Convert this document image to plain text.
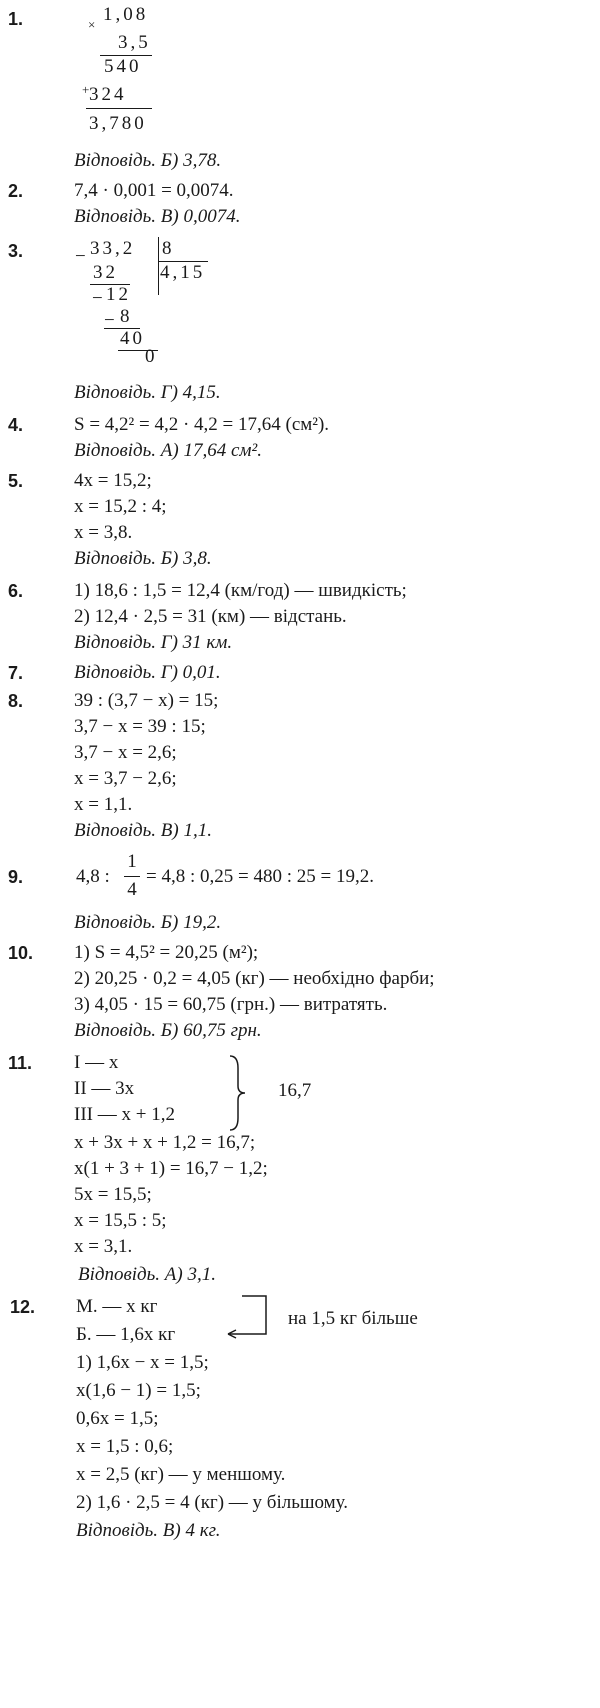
1.	× 1,08
3,5
540
+ 324
3,780
Відповідь. Б) 3,78.
2.	7,4 · 0,001 = 0,0074.
Відповідь. В) 0,0074.
3.	− 33,2 8
4,15
32
− 12
− 8
40
0
Відповідь. Г) 4,15.
4.	S = 4,2² = 4,2 · 4,2 = 17,64 (см²).
Відповідь. А) 17,64 см².
5.	4x = 15,2;
x = 15,2 : 4;
x = 3,8.
Відповідь. Б) 3,8.
6.	1) 18,6 : 1,5 = 12,4 (км/год) — швидкість;
2) 12,4 · 2,5 = 31 (км) — відстань.
Відповідь. Г) 31 км.
7.	Відповідь. Г) 0,01.
8.	39 : (3,7 − x) = 15;
3,7 − x = 39 : 15;
3,7 − x = 2,6;
x = 3,7 − 2,6;
x = 1,1.
Відповідь. В) 1,1.
9.	4,8 :
1
4
= 4,8 : 0,25 = 480 : 25 = 19,2.
Відповідь. Б) 19,2.
10. 1) S = 4,5² = 20,25 (м²);
2) 20,25 · 0,2 = 4,05 (кг) — необхідно фарби;
3) 4,05 · 15 = 60,75 (грн.) — витратять.
Відповідь. Б) 60,75 грн.
11. I — x
II — 3x
III — x + 1,2
16,7
x + 3x + x + 1,2 = 16,7;
x(1 + 3 + 1) = 16,7 − 1,2;
5x = 15,5;
x = 15,5 : 5;
x = 3,1.
Відповідь. А) 3,1.
12. М. — x кг
Б. — 1,6x кг
на 1,5 кг більше
1) 1,6x − x = 1,5;
x(1,6 − 1) = 1,5;
0,6x = 1,5;
x = 1,5 : 0,6;
x = 2,5 (кг) — у меншому.
2) 1,6 · 2,5 = 4 (кг) — у більшому.
Відповідь. В) 4 кг.
